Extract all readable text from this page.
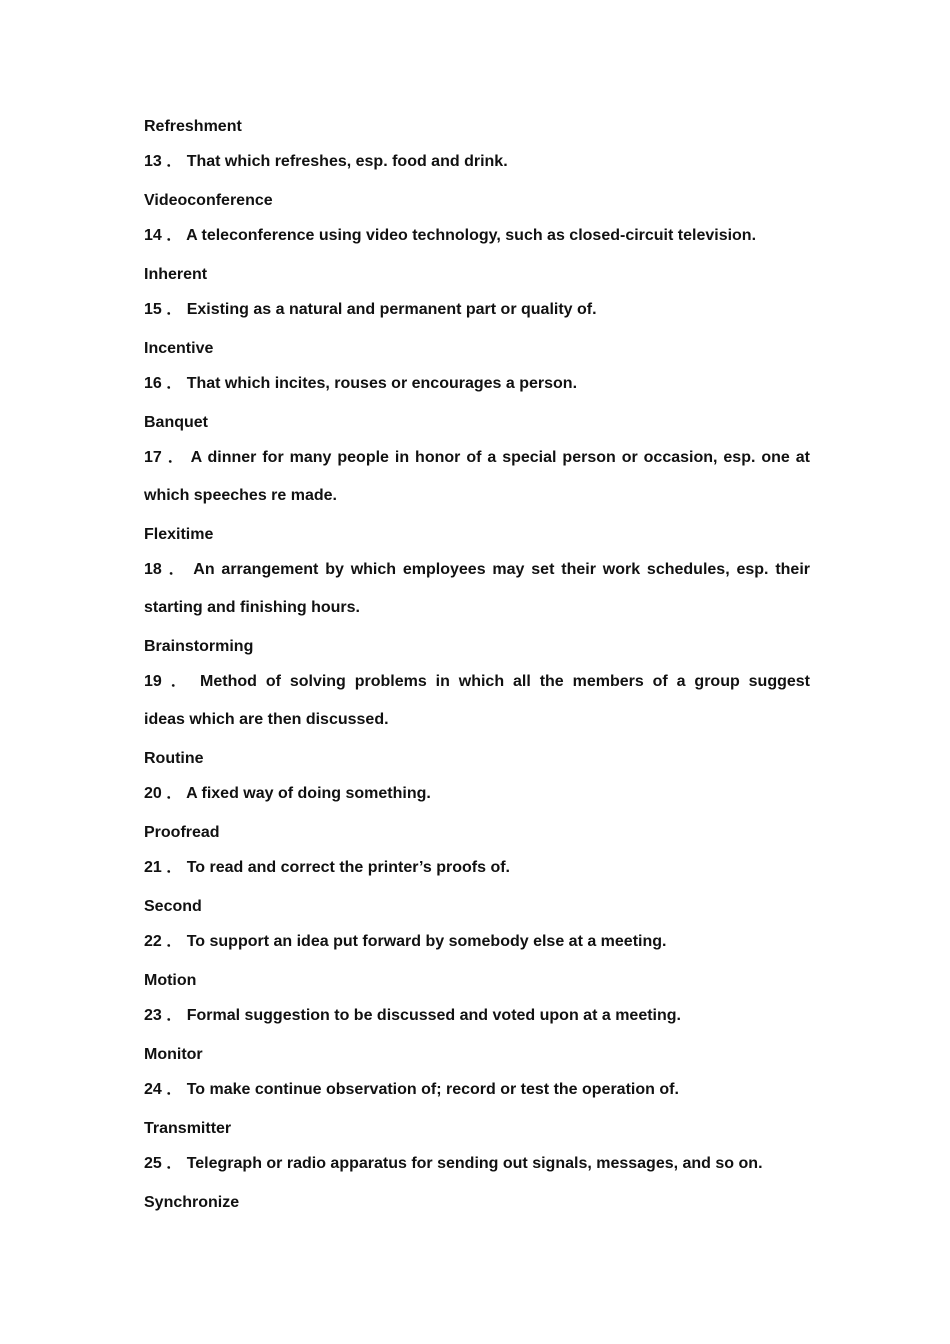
Refreshment
13 ． That which refreshes, esp. food and drink.
Videoconference
14 ． A teleconference using video technology, such as closed-circuit television.
Inherent
15 ． Existing as a natural and permanent part or quality of.
Incentive
16 ． That which incites, rouses or encourages a person.
Banquet
17 ． A dinner for many people in honor of a special person or occasion, esp. one at
which speeches re made.
Flexitime
18 ． An arrangement by which employees may set their work schedules, esp. their
starting and finishing hours.
Brainstorming
19 ． Method of solving problems in which all the members of a group suggest
ideas which are then discussed.
Routine
20 ． A fixed way of doing something.
Proofread
21 ． To read and correct the printer’s proofs of.
Second
22 ． To support an idea put forward by somebody else at a meeting.
Motion
23 ． Formal suggestion to be discussed and voted upon at a meeting.
Monitor
24 ． To make continue observation of; record or test the operation of.
Transmitter
25 ． Telegraph or radio apparatus for sending out signals, messages, and so on.
Synchronize
